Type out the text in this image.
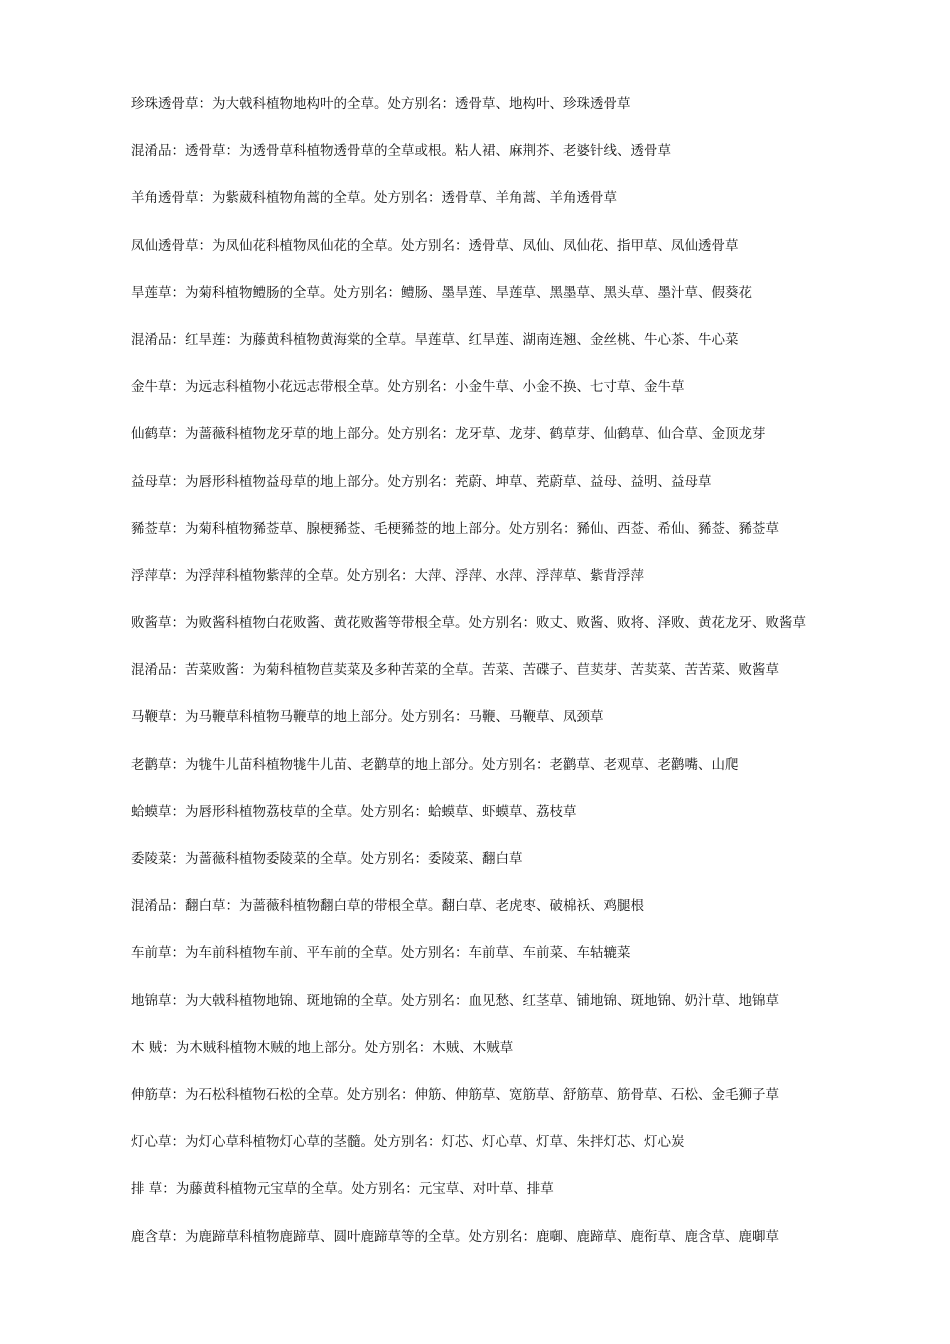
珍珠透骨草：为大戟科植物地构叶的全草。处方别名：透骨草、地构叶、珍珠透骨草
混淆品：透骨草：为透骨草科植物透骨草的全草或根。粘人裙、麻荆芥、老婆针线、透骨草
羊角透骨草：为紫葳科植物角蒿的全草。处方别名：透骨草、羊角蒿、羊角透骨草
凤仙透骨草：为凤仙花科植物凤仙花的全草。处方别名：透骨草、凤仙、凤仙花、指甲草、凤仙透骨草
旱莲草：为菊科植物鳢肠的全草。处方别名：鳢肠、墨旱莲、旱莲草、黑墨草、黑头草、墨汁草、假葵花
混淆品：红旱莲：为藤黄科植物黄海棠的全草。旱莲草、红旱莲、湖南连翘、金丝桃、牛心茶、牛心菜
金牛草：为远志科植物小花远志带根全草。处方别名：小金牛草、小金不换、七寸草、金牛草
仙鹤草：为蔷薇科植物龙牙草的地上部分。处方别名：龙牙草、龙芽、鹤草芽、仙鹤草、仙合草、金顶龙芽
益母草：为唇形科植物益母草的地上部分。处方别名：茺蔚、坤草、茺蔚草、益母、益明、益母草
豨莶草：为菊科植物豨莶草、腺梗豨莶、毛梗豨莶的地上部分。处方别名：豨仙、西莶、希仙、豨莶、豨莶草
浮萍草：为浮萍科植物紫萍的全草。处方别名：大萍、浮萍、水萍、浮萍草、紫背浮萍
败酱草：为败酱科植物白花败酱、黄花败酱等带根全草。处方别名：败丈、败酱、败将、泽败、黄花龙牙、败酱草
混淆品：苦菜败酱：为菊科植物苣荬菜及多种苦菜的全草。苦菜、苦碟子、苣荬芽、苦荬菜、苦苦菜、败酱草
马鞭草：为马鞭草科植物马鞭草的地上部分。处方别名：马鞭、马鞭草、凤颈草
老鹳草：为牻牛儿苗科植物牻牛儿苗、老鹳草的地上部分。处方别名：老鹳草、老观草、老鹳嘴、山爬
蛤蟆草：为唇形科植物荔枝草的全草。处方别名：蛤蟆草、虾蟆草、荔枝草
委陵菜：为蔷薇科植物委陵菜的全草。处方别名：委陵菜、翻白草
混淆品：翻白草：为蔷薇科植物翻白草的带根全草。翻白草、老虎枣、破棉袄、鸡腿根
车前草：为车前科植物车前、平车前的全草。处方别名：车前草、车前菜、车轱辘菜
地锦草：为大戟科植物地锦、斑地锦的全草。处方别名：血见愁、红茎草、铺地锦、斑地锦、奶汁草、地锦草
木 贼：为木贼科植物木贼的地上部分。处方别名：木贼、木贼草
伸筋草：为石松科植物石松的全草。处方别名：伸筋、伸筋草、宽筋草、舒筋草、筋骨草、石松、金毛狮子草
灯心草：为灯心草科植物灯心草的茎髓。处方别名：灯芯、灯心草、灯草、朱拌灯芯、灯心炭
排 草：为藤黄科植物元宝草的全草。处方别名：元宝草、对叶草、排草
鹿含草：为鹿蹄草科植物鹿蹄草、圆叶鹿蹄草等的全草。处方别名：鹿啣、鹿蹄草、鹿衔草、鹿含草、鹿啣草
